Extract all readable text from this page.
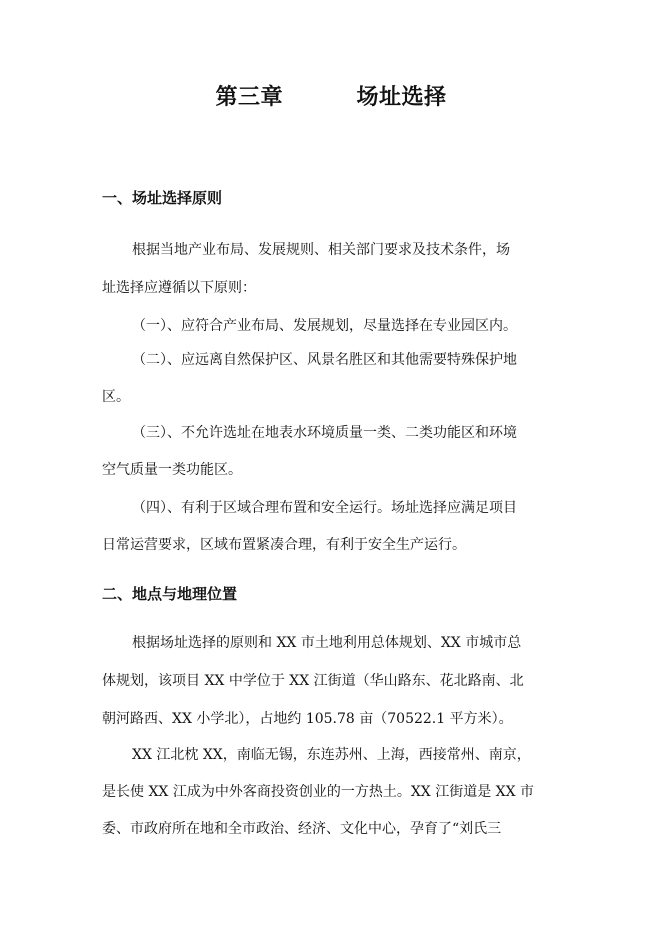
第三章         场址选择
一、场址选择原则
根据当地产业布局、发展规则、相关部门要求及技术条件，场
址选择应遵循以下原则：
（一）、应符合产业布局、发展规划，尽量选择在专业园区内。
（二）、应远离自然保护区、风景名胜区和其他需要特殊保护地
区。
（三）、不允许选址在地表水环境质量一类、二类功能区和环境
空气质量一类功能区。
（四）、有利于区域合理布置和安全运行。场址选择应满足项目
日常运营要求，区域布置紧凑合理，有利于安全生产运行。
二、地点与地理位置
根据场址选择的原则和 XX 市土地利用总体规划、XX 市城市总
体规划，该项目 XX 中学位于 XX 江街道（华山路东、花北路南、北
朝河路西、XX 小学北），占地约 105.78 亩（70522.1 平方米）。
XX 江北枕 XX，南临无锡，东连苏州、上海，西接常州、南京，
是长使 XX 江成为中外客商投资创业的一方热土。XX 江街道是 XX 市
委、市政府所在地和全市政治、经济、文化中心，孕育了“刘氏三
